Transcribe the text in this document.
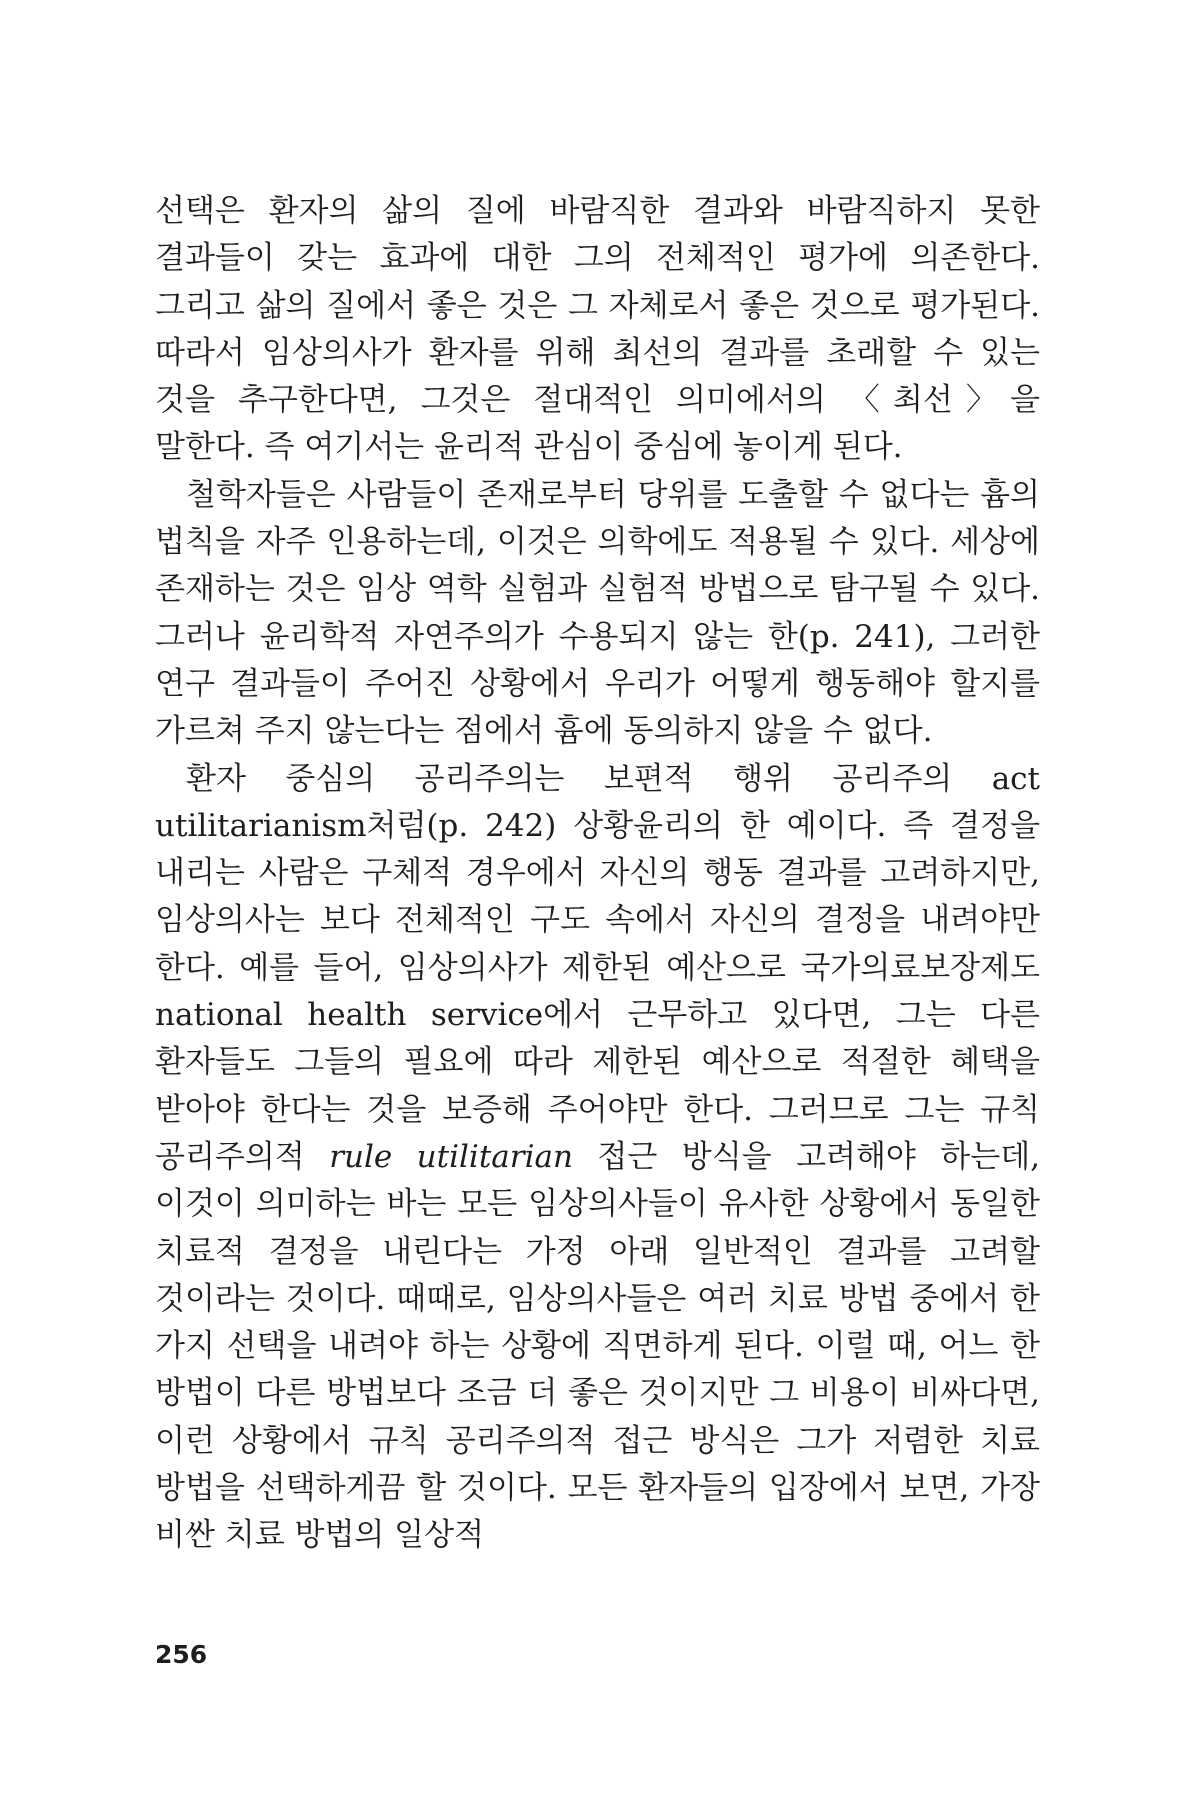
선택은 환자의 삶의 질에 바람직한 결과와 바람직하지 못한 결과들이 갖는 효과에 대한 그의 전체적인 평가에 의존한다. 그리고 삶의 질에서 좋은 것은 그 자체로서 좋은 것으로 평가된다. 따라서 임상의사가 환자를 위해 최선의 결과를 초래할 수 있는 것을 추구한다면, 그것은 절대적인 의미에서의 〈최선〉을 말한다. 즉 여기서는 윤리적 관심이 중심에 놓이게 된다.

철학자들은 사람들이 존재로부터 당위를 도출할 수 없다는 흄의 법칙을 자주 인용하는데, 이것은 의학에도 적용될 수 있다. 세상에 존재하는 것은 임상 역학 실험과 실험적 방법으로 탐구될 수 있다. 그러나 윤리학적 자연주의가 수용되지 않는 한(p. 241), 그러한 연구 결과들이 주어진 상황에서 우리가 어떻게 행동해야 할지를 가르쳐 주지 않는다는 점에서 흄에 동의하지 않을 수 없다.

환자 중심의 공리주의는 보편적 행위 공리주의 act utilitarianism처럼(p. 242) 상황윤리의 한 예이다. 즉 결정을 내리는 사람은 구체적 경우에서 자신의 행동 결과를 고려하지만, 임상의사는 보다 전체적인 구도 속에서 자신의 결정을 내려야만 한다. 예를 들어, 임상의사가 제한된 예산으로 국가의료보장제도 national health service에서 근무하고 있다면, 그는 다른 환자들도 그들의 필요에 따라 제한된 예산으로 적절한 혜택을 받아야 한다는 것을 보증해 주어야만 한다. 그러므로 그는 규칙 공리주의적 rule utilitarian 접근 방식을 고려해야 하는데, 이것이 의미하는 바는 모든 임상의사들이 유사한 상황에서 동일한 치료적 결정을 내린다는 가정 아래 일반적인 결과를 고려할 것이라는 것이다. 때때로, 임상의사들은 여러 치료 방법 중에서 한 가지 선택을 내려야 하는 상황에 직면하게 된다. 이럴 때, 어느 한 방법이 다른 방법보다 조금 더 좋은 것이지만 그 비용이 비싸다면, 이런 상황에서 규칙 공리주의적 접근 방식은 그가 저렴한 치료 방법을 선택하게끔 할 것이다. 모든 환자들의 입장에서 보면, 가장 비싼 치료 방법의 일상적

256
